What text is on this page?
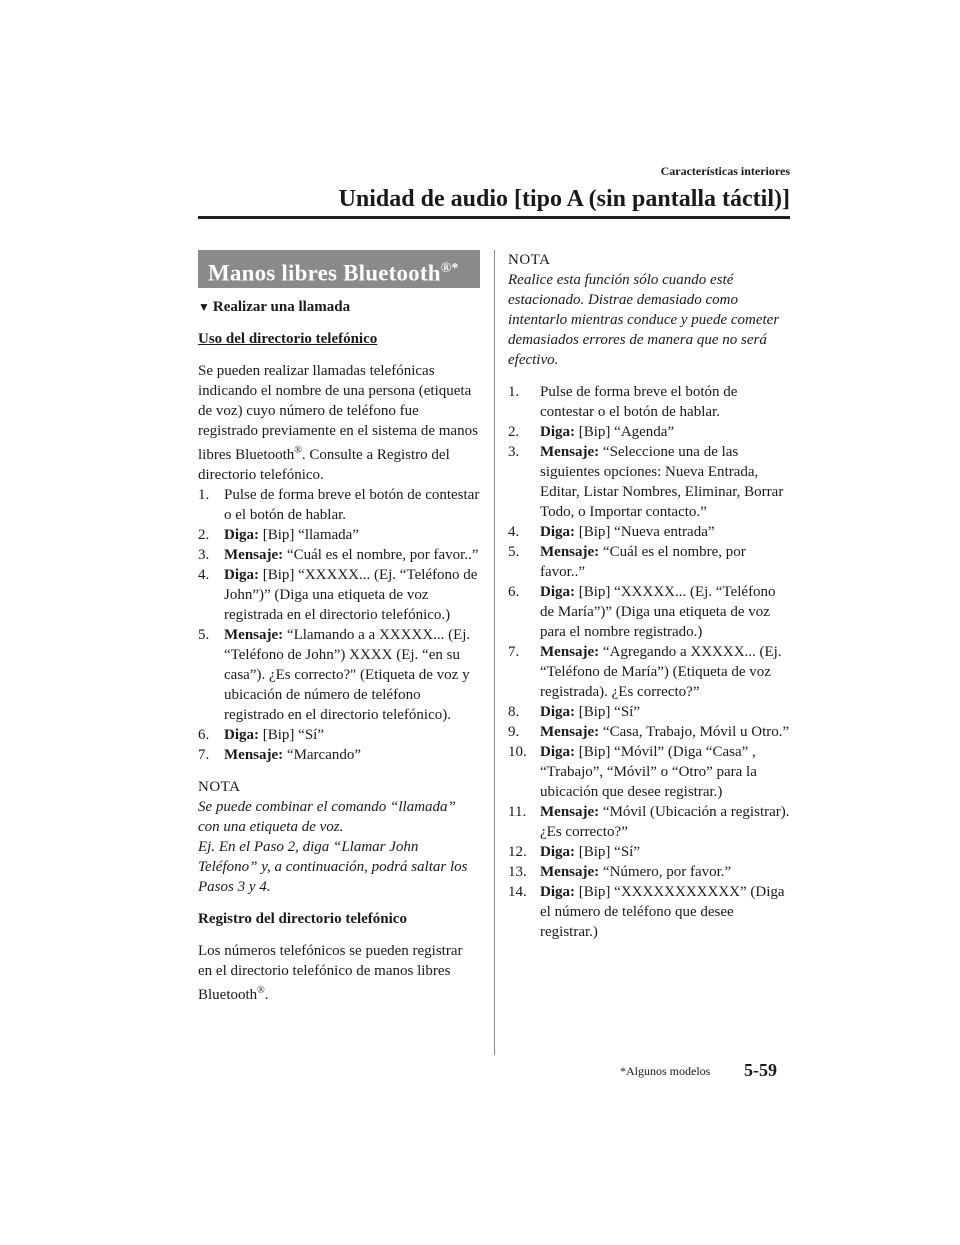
Características interiores
Unidad de audio [tipo A (sin pantalla táctil)]
Manos libres Bluetooth®*
▼ Realizar una llamada
Uso del directorio telefónico
Se pueden realizar llamadas telefónicas indicando el nombre de una persona (etiqueta de voz) cuyo número de teléfono fue registrado previamente en el sistema de manos libres Bluetooth®. Consulte a Registro del directorio telefónico.
1. Pulse de forma breve el botón de contestar o el botón de hablar.
2. Diga: [Bip] “llamada”
3. Mensaje: “Cuál es el nombre, por favor..”
4. Diga: [Bip] “XXXXX... (Ej. “Teléfono de John”)” (Diga una etiqueta de voz registrada en el directorio telefónico.)
5. Mensaje: “Llamando a a XXXXX... (Ej. “Teléfono de John”) XXXX (Ej. “en su casa”). ¿Es correcto?" (Etiqueta de voz y ubicación de número de teléfono registrado en el directorio telefónico).
6. Diga: [Bip] “Sí”
7. Mensaje: “Marcando”
NOTA
Se puede combinar el comando “llamada” con una etiqueta de voz.
Ej. En el Paso 2, diga “Llamar John Teléfono” y, a continuación, podrá saltar los Pasos 3 y 4.
Registro del directorio telefónico
Los números telefónicos se pueden registrar en el directorio telefónico de manos libres Bluetooth®.
NOTA
Realice esta función sólo cuando esté estacionado. Distrae demasiado como intentarlo mientras conduce y puede cometer demasiados errores de manera que no será efectivo.
1.	Pulse de forma breve el botón de contestar o el botón de hablar.
2.	Diga: [Bip] “Agenda”
3.	Mensaje: “Seleccione una de las siguientes opciones: Nueva Entrada, Editar, Listar Nombres, Eliminar, Borrar Todo, o Importar contacto.”
4.	Diga: [Bip] “Nueva entrada”
5.	Mensaje: “Cuál es el nombre, por favor..”
6.	Diga: [Bip] “XXXXX... (Ej. “Teléfono de María”)” (Diga una etiqueta de voz para el nombre registrado.)
7.	Mensaje: “Agregando a XXXXX... (Ej. “Teléfono de María”) (Etiqueta de voz registrada). ¿Es correcto?”
8.	Diga: [Bip] “Sí”
9.	Mensaje: “Casa, Trabajo, Móvil u Otro.”
10. Diga: [Bip] “Móvil” (Diga “Casa” , “Trabajo”, “Móvil” o “Otro” para la ubicación que desee registrar.)
11. Mensaje: “Móvil (Ubicación a registrar). ¿Es correcto?”
12. Diga: [Bip] “Sí”
13. Mensaje: “Número, por favor.”
14. Diga: [Bip] “XXXXXXXXXXX” (Diga el número de teléfono que desee registrar.)
*Algunos modelos 5-59
